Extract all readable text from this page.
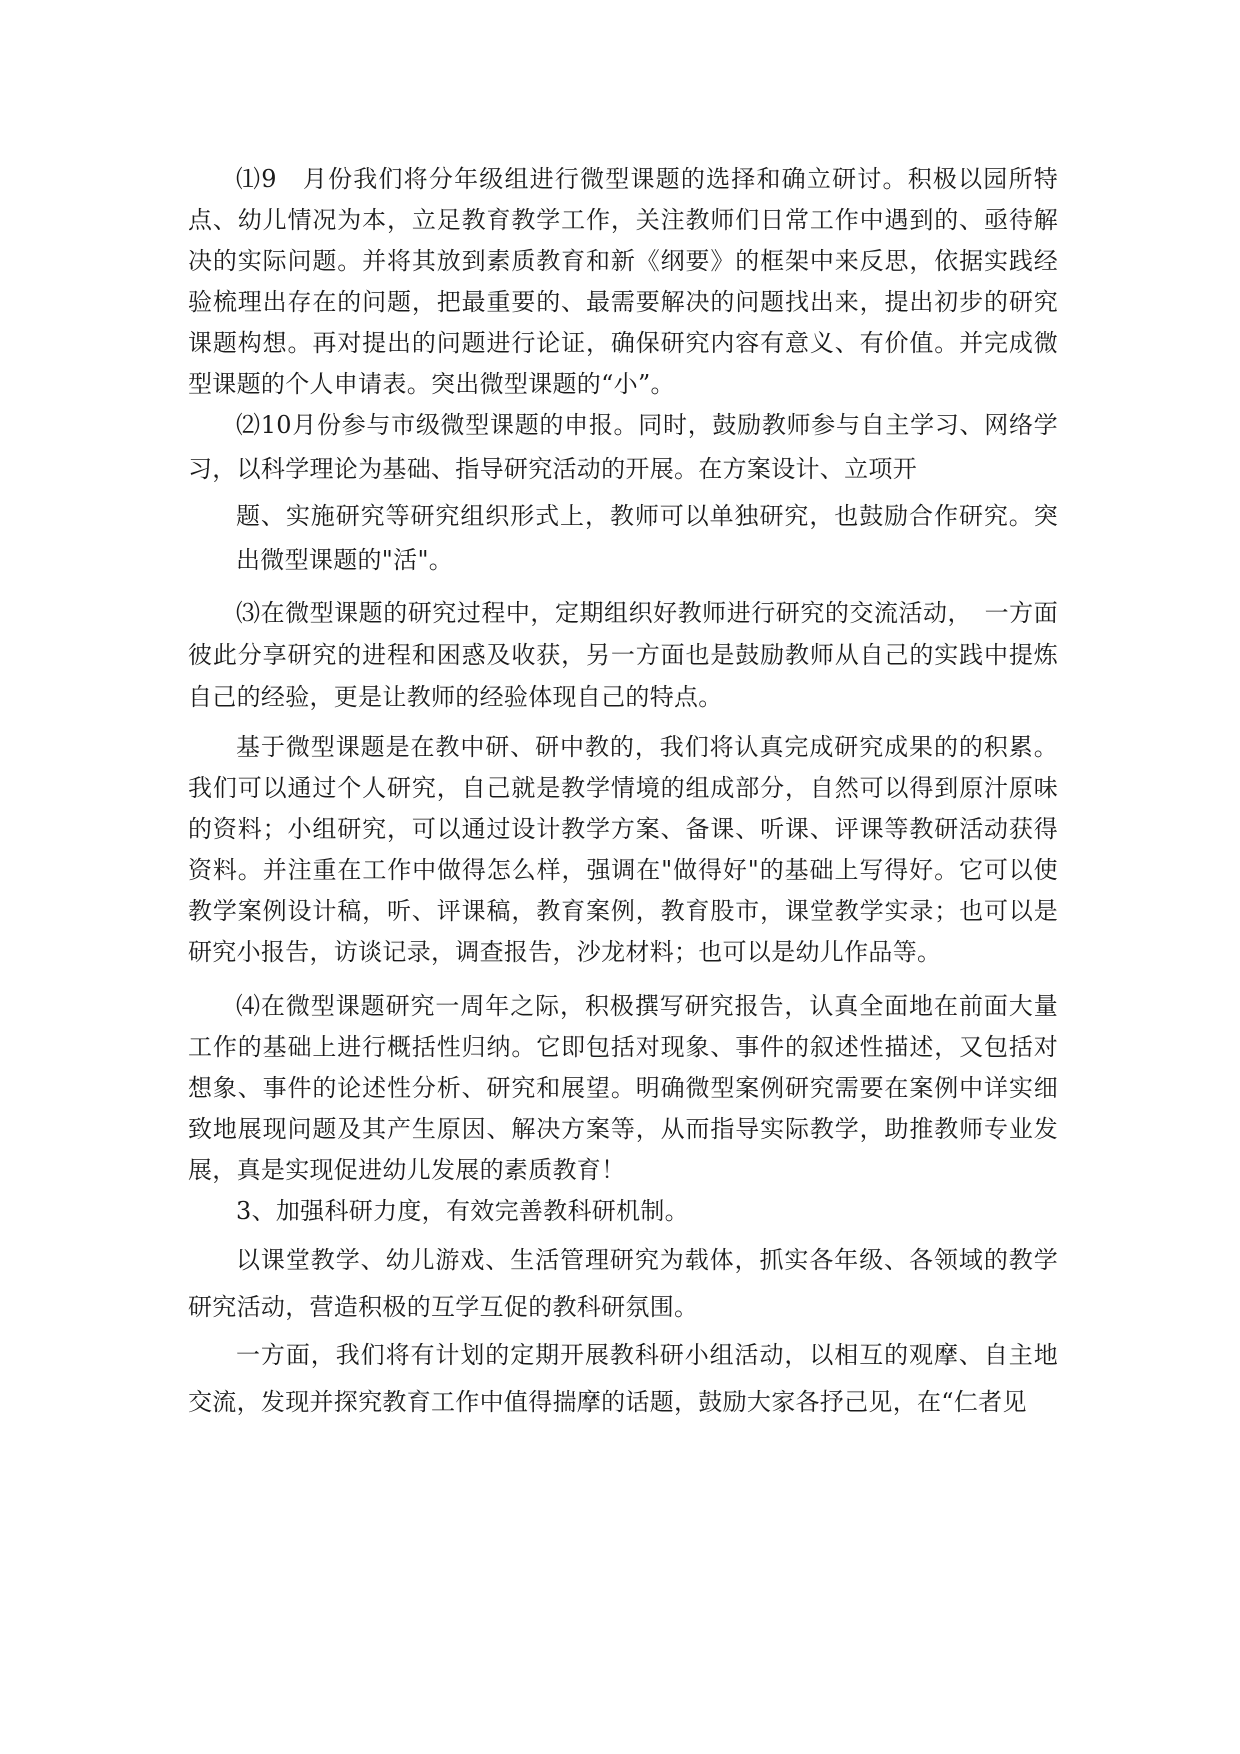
⑴9　月份我们将分年级组进行微型课题的选择和确立研讨。积极以园所特点、幼儿情况为本，立足教育教学工作，关注教师们日常工作中遇到的、亟待解决的实际问题。并将其放到素质教育和新《纲要》的框架中来反思，依据实践经验梳理出存在的问题，把最重要的、最需要解决的问题找出来，提出初步的研究课题构想。再对提出的问题进行论证，确保研究内容有意义、有价值。并完成微型课题的个人申请表。突出微型课题的“小”。

⑵10月份参与市级微型课题的申报。同时，鼓励教师参与自主学习、网络学习，以科学理论为基础、指导研究活动的开展。在方案设计、立项开

题、实施研究等研究组织形式上，教师可以单独研究，也鼓励合作研究。突出微型课题的"活"。

⑶在微型课题的研究过程中，定期组织好教师进行研究的交流活动，　一方面彼此分享研究的进程和困惑及收获，另一方面也是鼓励教师从自己的实践中提炼自己的经验，更是让教师的经验体现自己的特点。

基于微型课题是在教中研、研中教的，我们将认真完成研究成果的的积累。我们可以通过个人研究，自己就是教学情境的组成部分，自然可以得到原汁原味的资料；小组研究，可以通过设计教学方案、备课、听课、评课等教研活动获得资料。并注重在工作中做得怎么样，强调在"做得好"的基础上写得好。它可以使教学案例设计稿，听、评课稿，教育案例，教育股市，课堂教学实录；也可以是研究小报告，访谈记录，调查报告，沙龙材料；也可以是幼儿作品等。

⑷在微型课题研究一周年之际，积极撰写研究报告，认真全面地在前面大量工作的基础上进行概括性归纳。它即包括对现象、事件的叙述性描述，又包括对想象、事件的论述性分析、研究和展望。明确微型案例研究需要在案例中详实细致地展现问题及其产生原因、解决方案等，从而指导实际教学，助推教师专业发展，真是实现促进幼儿发展的素质教育！

3、加强科研力度，有效完善教科研机制。

以课堂教学、幼儿游戏、生活管理研究为载体，抓实各年级、各领域的教学研究活动，营造积极的互学互促的教科研氛围。

一方面，我们将有计划的定期开展教科研小组活动，以相互的观摩、自主地交流，发现并探究教育工作中值得揣摩的话题，鼓励大家各抒己见，在“仁者见
